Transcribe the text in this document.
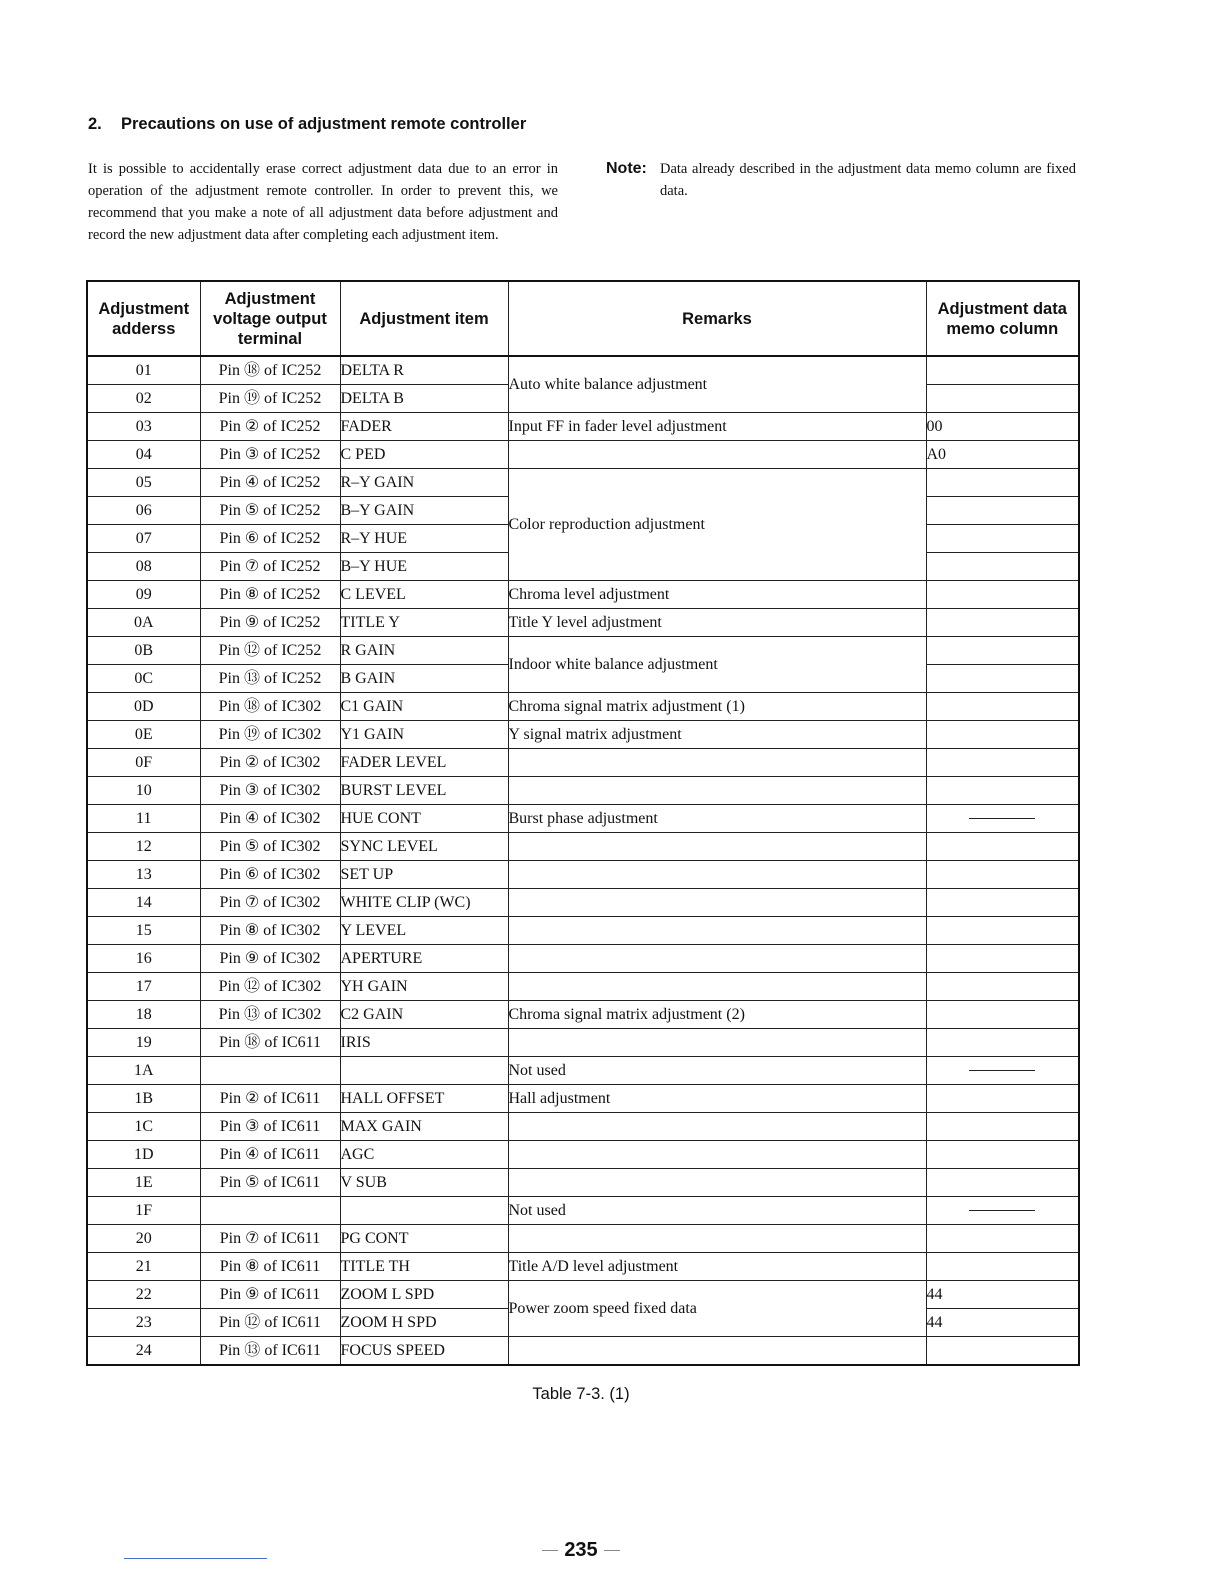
2. Precautions on use of adjustment remote controller
It is possible to accidentally erase correct adjustment data due to an error in operation of the adjustment remote controller. In order to prevent this, we recommend that you make a note of all adjustment data before adjustment and record the new adjustment data after completing each adjustment item.
Note: Data already described in the adjustment data memo column are fixed data.
Adjustment adderss	Adjustment voltage output terminal	Adjustment item	Remarks	Adjustment data memo column
01	Pin ⑱ of IC252	DELTA R	Auto white balance adjustment	
02	Pin ⑲ of IC252	DELTA B		
03	Pin ② of IC252	FADER	Input FF in fader level adjustment	00
04	Pin ③ of IC252	C PED		A0
05	Pin ④ of IC252	R–Y GAIN	Color reproduction adjustment	
06	Pin ⑤ of IC252	B–Y GAIN		
07	Pin ⑥ of IC252	R–Y HUE		
08	Pin ⑦ of IC252	B–Y HUE		
09	Pin ⑧ of IC252	C LEVEL	Chroma level adjustment	
0A	Pin ⑨ of IC252	TITLE Y	Title Y level adjustment	
0B	Pin ⑫ of IC252	R GAIN	Indoor white balance adjustment	
0C	Pin ⑬ of IC252	B GAIN		
0D	Pin ⑱ of IC302	C1 GAIN	Chroma signal matrix adjustment (1)	
0E	Pin ⑲ of IC302	Y1 GAIN	Y signal matrix adjustment	
0F	Pin ② of IC302	FADER LEVEL		
10	Pin ③ of IC302	BURST LEVEL		
11	Pin ④ of IC302	HUE CONT	Burst phase adjustment	

12	Pin ⑤ of IC302	SYNC LEVEL		
13	Pin ⑥ of IC302	SET UP		
14	Pin ⑦ of IC302	WHITE CLIP (WC)		
15	Pin ⑧ of IC302	Y LEVEL		
16	Pin ⑨ of IC302	APERTURE		
17	Pin ⑫ of IC302	YH GAIN		
18	Pin ⑬ of IC302	C2 GAIN	Chroma signal matrix adjustment (2)	
19	Pin ⑱ of IC611	IRIS		
1A			Not used	

1B	Pin ② of IC611	HALL OFFSET	Hall adjustment	
1C	Pin ③ of IC611	MAX GAIN		
1D	Pin ④ of IC611	AGC		
1E	Pin ⑤ of IC611	V SUB		
1F			Not used	

20	Pin ⑦ of IC611	PG CONT		
21	Pin ⑧ of IC611	TITLE TH	Title A/D level adjustment	
22	Pin ⑨ of IC611	ZOOM L SPD	Power zoom speed fixed data	44
23	Pin ⑫ of IC611	ZOOM H SPD		44
24	Pin ⑬ of IC611	FOCUS SPEED		
Table 7-3. (1)
235
